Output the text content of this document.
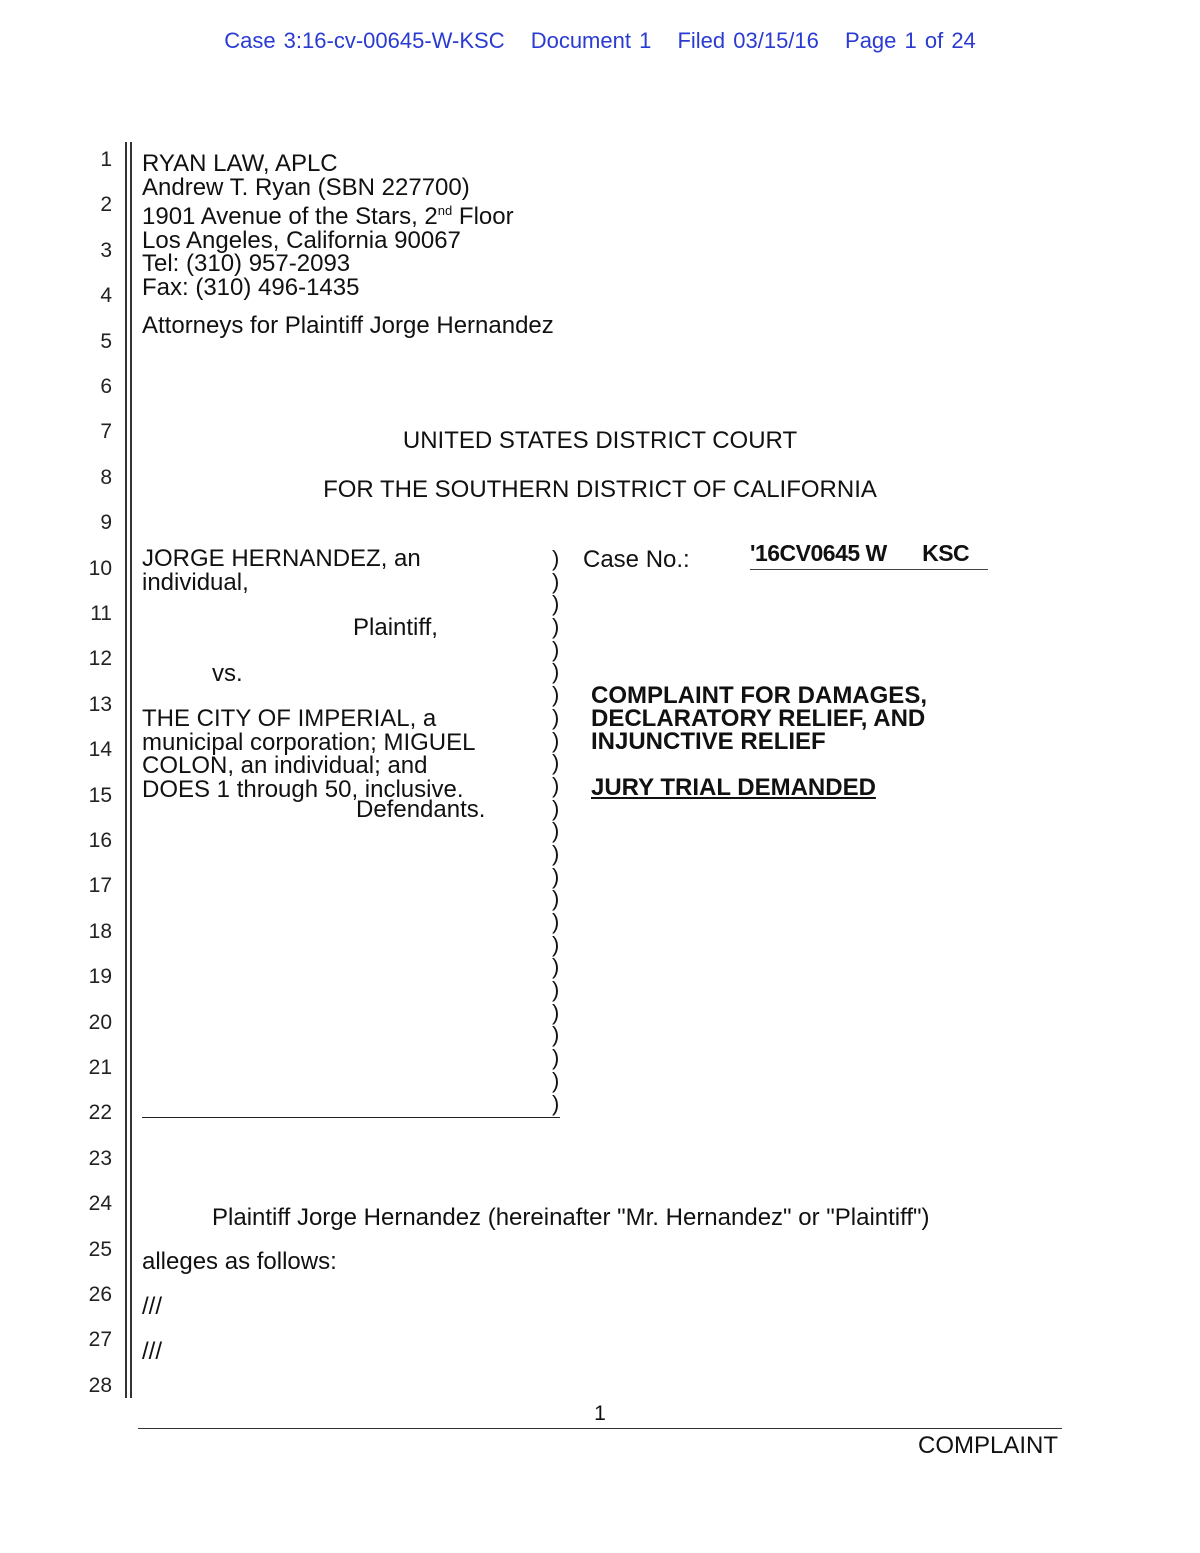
Case 3:16-cv-00645-W-KSC Document 1 Filed 03/15/16 Page 1 of 24
1
2
3
4
5
6
7
8
9
10
11
12
13
14
15
16
17
18
19
20
21
22
23
24
25
26
27
28
RYAN LAW, APLC
Andrew T. Ryan (SBN 227700)
1901 Avenue of the Stars, 2nd Floor
Los Angeles, California 90067
Tel: (310) 957-2093
Fax: (310) 496-1435
Attorneys for Plaintiff Jorge Hernandez
UNITED STATES DISTRICT COURT
FOR THE SOUTHERN DISTRICT OF CALIFORNIA
JORGE HERNANDEZ, an
individual,
Plaintiff,
vs.
THE CITY OF IMPERIAL, a
municipal corporation; MIGUEL
COLON, an individual; and
DOES 1 through 50, inclusive.
Defendants.
)
)
)
)
)
)
)
)
)
)
)
)
)
)
)
)
)
)
)
)
)
)
)
)
)
Case No.:	'16CV0645 W      KSC
COMPLAINT FOR DAMAGES,
DECLARATORY RELIEF, AND
INJUNCTIVE RELIEF
JURY TRIAL DEMANDED
Plaintiff Jorge Hernandez (hereinafter "Mr. Hernandez" or "Plaintiff")
alleges as follows:
///
///
1
COMPLAINT
